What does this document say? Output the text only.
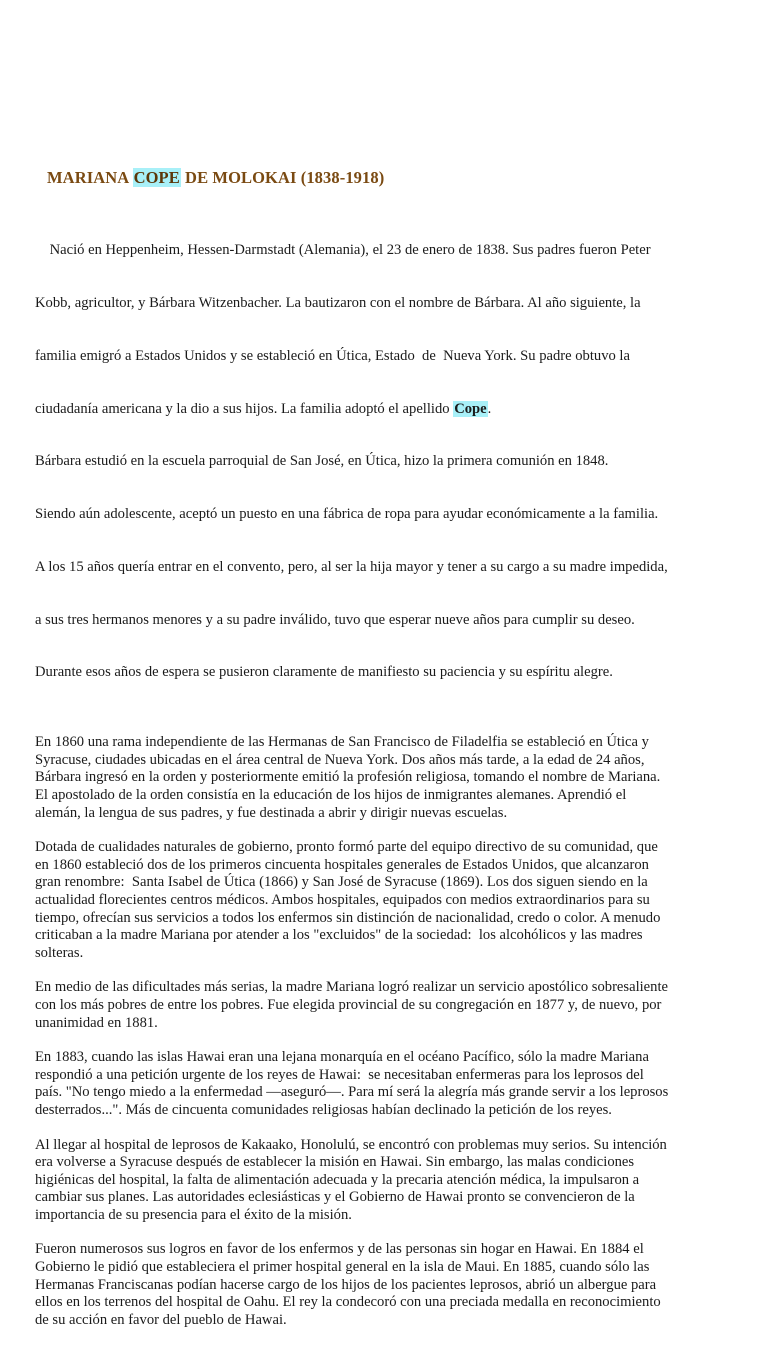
MARIANA COPE DE MOLOKAI (1838-1918)

Nació en Heppenheim, Hessen-Darmstadt (Alemania), el 23 de enero de 1838. Sus padres fueron Peter

Kobb, agricultor, y Bárbara Witzenbacher. La bautizaron con el nombre de Bárbara. Al año siguiente, la

familia emigró a Estados Unidos y se estableció en Útica, Estado  de  Nueva York. Su padre obtuvo la

ciudadanía americana y la dio a sus hijos. La familia adoptó el apellido Cope.

Bárbara estudió en la escuela parroquial de San José, en Útica, hizo la primera comunión en 1848.

Siendo aún adolescente, aceptó un puesto en una fábrica de ropa para ayudar económicamente a la familia.

A los 15 años quería entrar en el convento, pero, al ser la hija mayor y tener a su cargo a su madre impedida,

a sus tres hermanos menores y a su padre inválido, tuvo que esperar nueve años para cumplir su deseo.

Durante esos años de espera se pusieron claramente de manifiesto su paciencia y su espíritu alegre.

En 1860 una rama independiente de las Hermanas de San Francisco de Filadelfia se estableció en Útica y
Syracuse, ciudades ubicadas en el área central de Nueva York. Dos años más tarde, a la edad de 24 años,
Bárbara ingresó en la orden y posteriormente emitió la profesión religiosa, tomando el nombre de Mariana.
El apostolado de la orden consistía en la educación de los hijos de inmigrantes alemanes. Aprendió el
alemán, la lengua de sus padres, y fue destinada a abrir y dirigir nuevas escuelas.
Dotada de cualidades naturales de gobierno, pronto formó parte del equipo directivo de su comunidad, que
en 1860 estableció dos de los primeros cincuenta hospitales generales de Estados Unidos, que alcanzaron
gran renombre:  Santa Isabel de Útica (1866) y San José de Syracuse (1869). Los dos siguen siendo en la
actualidad florecientes centros médicos. Ambos hospitales, equipados con medios extraordinarios para su
tiempo, ofrecían sus servicios a todos los enfermos sin distinción de nacionalidad, credo o color. A menudo
criticaban a la madre Mariana por atender a los "excluidos" de la sociedad:  los alcohólicos y las madres
solteras.
En medio de las dificultades más serias, la madre Mariana logró realizar un servicio apostólico sobresaliente
con los más pobres de entre los pobres. Fue elegida provincial de su congregación en 1877 y, de nuevo, por
unanimidad en 1881.
En 1883, cuando las islas Hawai eran una lejana monarquía en el océano Pacífico, sólo la madre Mariana
respondió a una petición urgente de los reyes de Hawai:  se necesitaban enfermeras para los leprosos del
país. "No tengo miedo a la enfermedad —aseguró—. Para mí será la alegría más grande servir a los leprosos
desterrados...". Más de cincuenta comunidades religiosas habían declinado la petición de los reyes.
Al llegar al hospital de leprosos de Kakaako, Honolulú, se encontró con problemas muy serios. Su intención
era volverse a Syracuse después de establecer la misión en Hawai. Sin embargo, las malas condiciones
higiénicas del hospital, la falta de alimentación adecuada y la precaria atención médica, la impulsaron a
cambiar sus planes. Las autoridades eclesiásticas y el Gobierno de Hawai pronto se convencieron de la
importancia de su presencia para el éxito de la misión.
Fueron numerosos sus logros en favor de los enfermos y de las personas sin hogar en Hawai. En 1884 el
Gobierno le pidió que estableciera el primer hospital general en la isla de Maui. En 1885, cuando sólo las
Hermanas Franciscanas podían hacerse cargo de los hijos de los pacientes leprosos, abrió un albergue para
ellos en los terrenos del hospital de Oahu. El rey la condecoró con una preciada medalla en reconocimiento
de su acción en favor del pueblo de Hawai.
